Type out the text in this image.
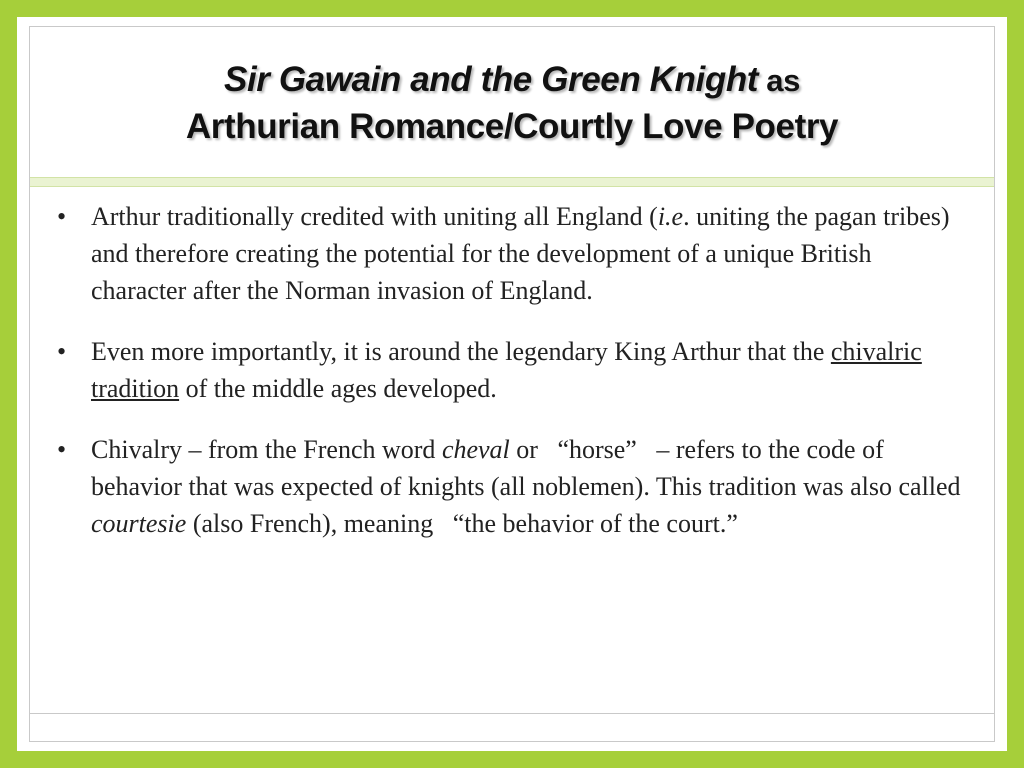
Sir Gawain and the Green Knight as
Arthurian Romance/Courtly Love Poetry
• Arthur traditionally credited with uniting all England (i.e. uniting the pagan tribes) and therefore creating the potential for the development of a unique British character after the Norman invasion of England.
• Even more importantly, it is around the legendary King Arthur that the chivalric tradition of the middle ages developed.
• Chivalry – from the French word cheval or   “horse”   – refers to the code of behavior that was expected of knights (all noblemen). This tradition was also called courtesie (also French), meaning   “the behavior of the court.”
